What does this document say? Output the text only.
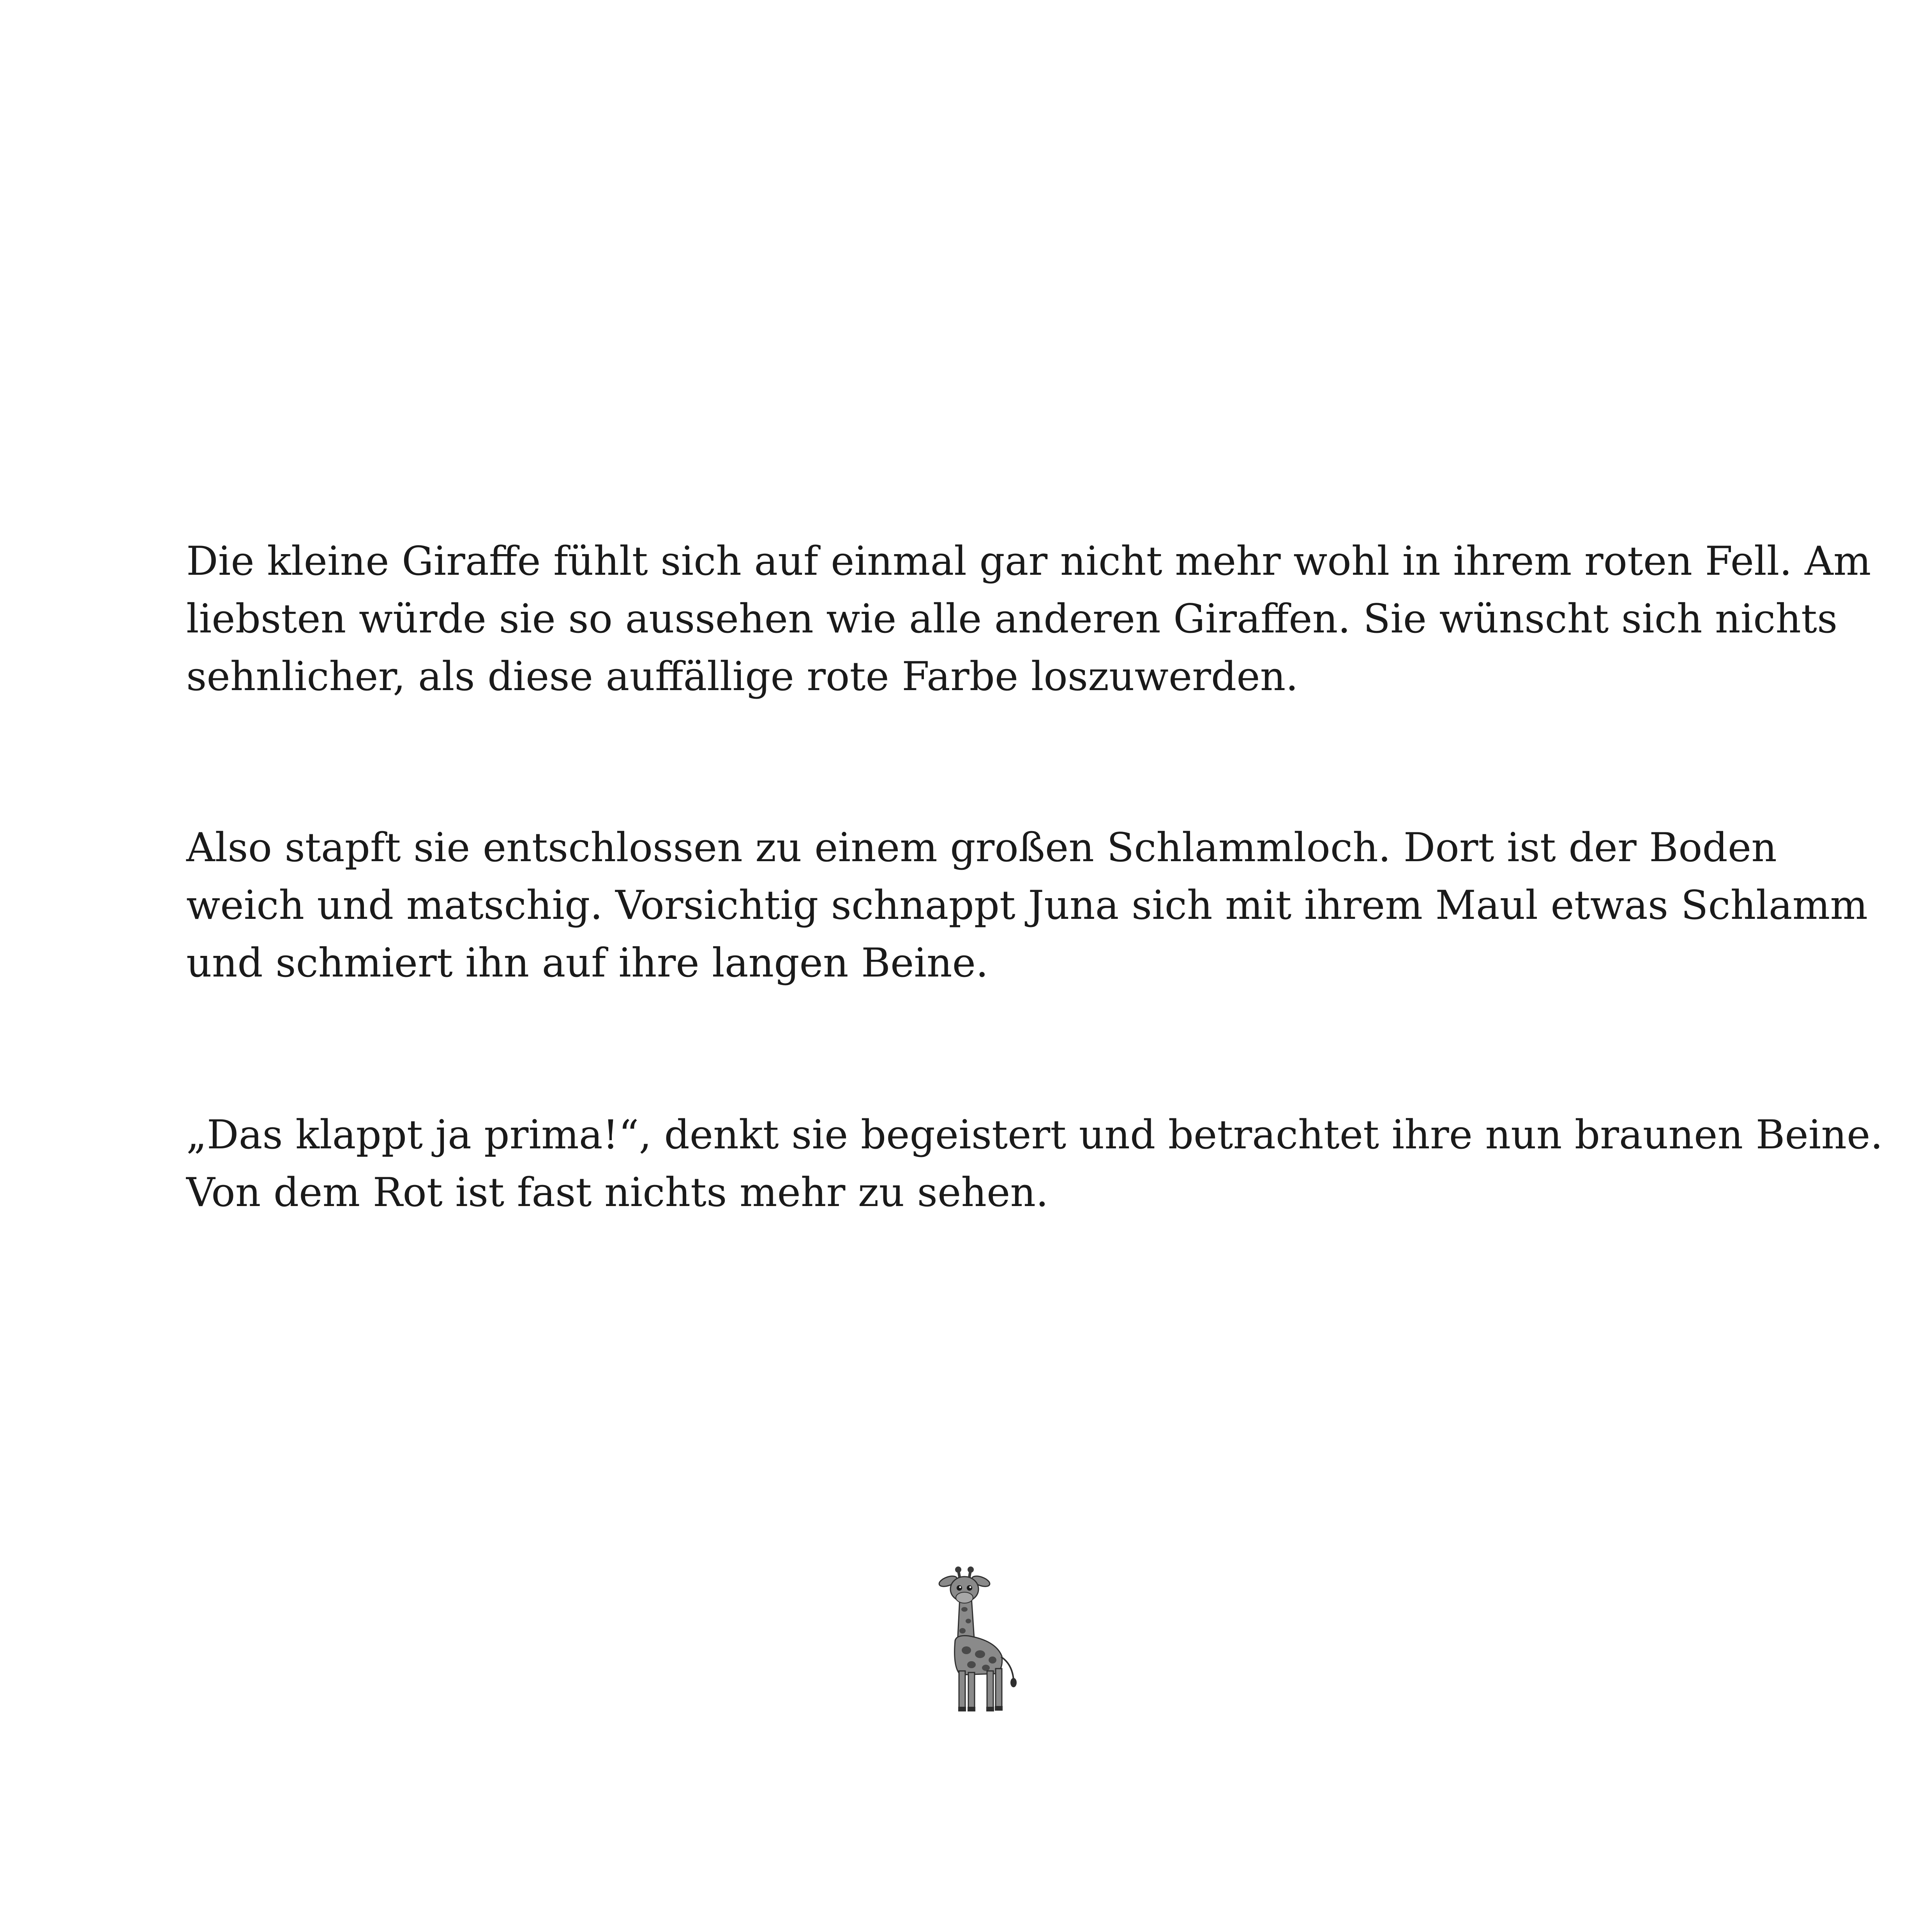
Die kleine Giraffe fühlt sich auf einmal gar nicht mehr wohl in ihrem roten Fell. Am
liebsten würde sie so aussehen wie alle anderen Giraffen. Sie wünscht sich nichts
sehnlicher, als diese auffällige rote Farbe loszuwerden.

Also stapft sie entschlossen zu einem großen Schlammloch. Dort ist der Boden
weich und matschig. Vorsichtig schnappt Juna sich mit ihrem Maul etwas Schlamm
und schmiert ihn auf ihre langen Beine.

„Das klappt ja prima!“, denkt sie begeistert und betrachtet ihre nun braunen Beine.
Von dem Rot ist fast nichts mehr zu sehen.
